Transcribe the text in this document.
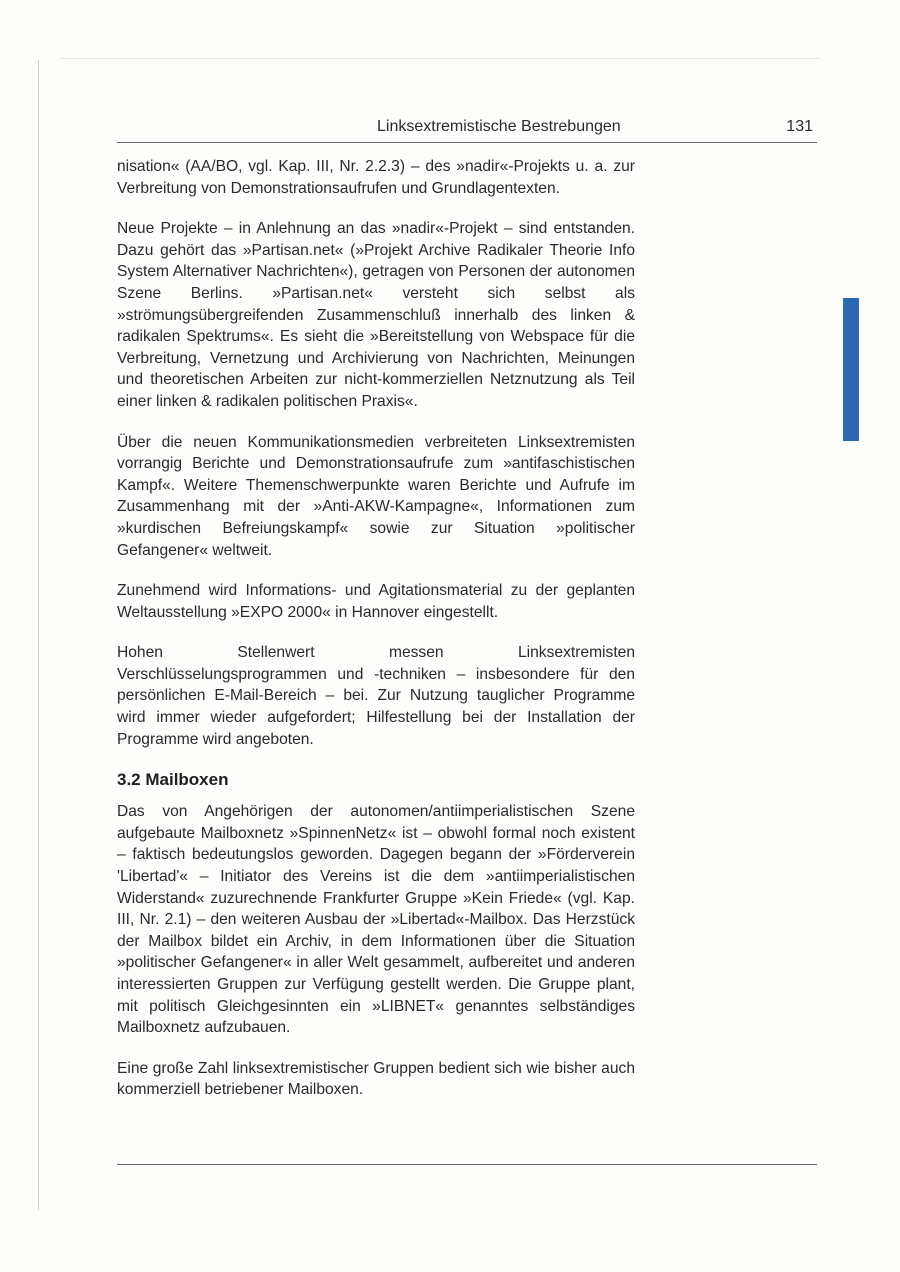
Linksextremistische Bestrebungen	131

nisation« (AA/BO, vgl. Kap. III, Nr. 2.2.3) – des »nadir«-Projekts u. a. zur Verbreitung von Demonstrationsaufrufen und Grundlagentexten.

Neue Projekte – in Anlehnung an das »nadir«-Projekt – sind entstanden. Dazu gehört das »Partisan.net« (»Projekt Archive Radikaler Theorie Info System Alternativer Nachrichten«), getragen von Personen der autonomen Szene Berlins. »Partisan.net« versteht sich selbst als »strömungsübergreifenden Zusammenschluß innerhalb des linken & radikalen Spektrums«. Es sieht die »Bereitstellung von Webspace für die Verbreitung, Vernetzung und Archivierung von Nachrichten, Meinungen und theoretischen Arbeiten zur nicht-kommerziellen Netznutzung als Teil einer linken & radikalen politischen Praxis«.

Über die neuen Kommunikationsmedien verbreiteten Linksextremisten vorrangig Berichte und Demonstrationsaufrufe zum »antifaschistischen Kampf«. Weitere Themenschwerpunkte waren Berichte und Aufrufe im Zusammenhang mit der »Anti-AKW-Kampagne«, Informationen zum »kurdischen Befreiungskampf« sowie zur Situation »politischer Gefangener« weltweit.

Zunehmend wird Informations- und Agitationsmaterial zu der geplanten Weltausstellung »EXPO 2000« in Hannover eingestellt.

Hohen Stellenwert messen Linksextremisten Verschlüsselungsprogrammen und -techniken – insbesondere für den persönlichen E-Mail-Bereich – bei. Zur Nutzung tauglicher Programme wird immer wieder aufgefordert; Hilfestellung bei der Installation der Programme wird angeboten.

3.2 Mailboxen

Das von Angehörigen der autonomen/antiimperialistischen Szene aufgebaute Mailboxnetz »SpinnenNetz« ist – obwohl formal noch existent – faktisch bedeutungslos geworden. Dagegen begann der »Förderverein 'Libertad'« – Initiator des Vereins ist die dem »antiimperialistischen Widerstand« zuzurechnende Frankfurter Gruppe »Kein Friede« (vgl. Kap. III, Nr. 2.1) – den weiteren Ausbau der »Libertad«-Mailbox. Das Herzstück der Mailbox bildet ein Archiv, in dem Informationen über die Situation »politischer Gefangener« in aller Welt gesammelt, aufbereitet und anderen interessierten Gruppen zur Verfügung gestellt werden. Die Gruppe plant, mit politisch Gleichgesinnten ein »LIBNET« genanntes selbständiges Mailboxnetz aufzubauen.

Eine große Zahl linksextremistischer Gruppen bedient sich wie bisher auch kommerziell betriebener Mailboxen.
